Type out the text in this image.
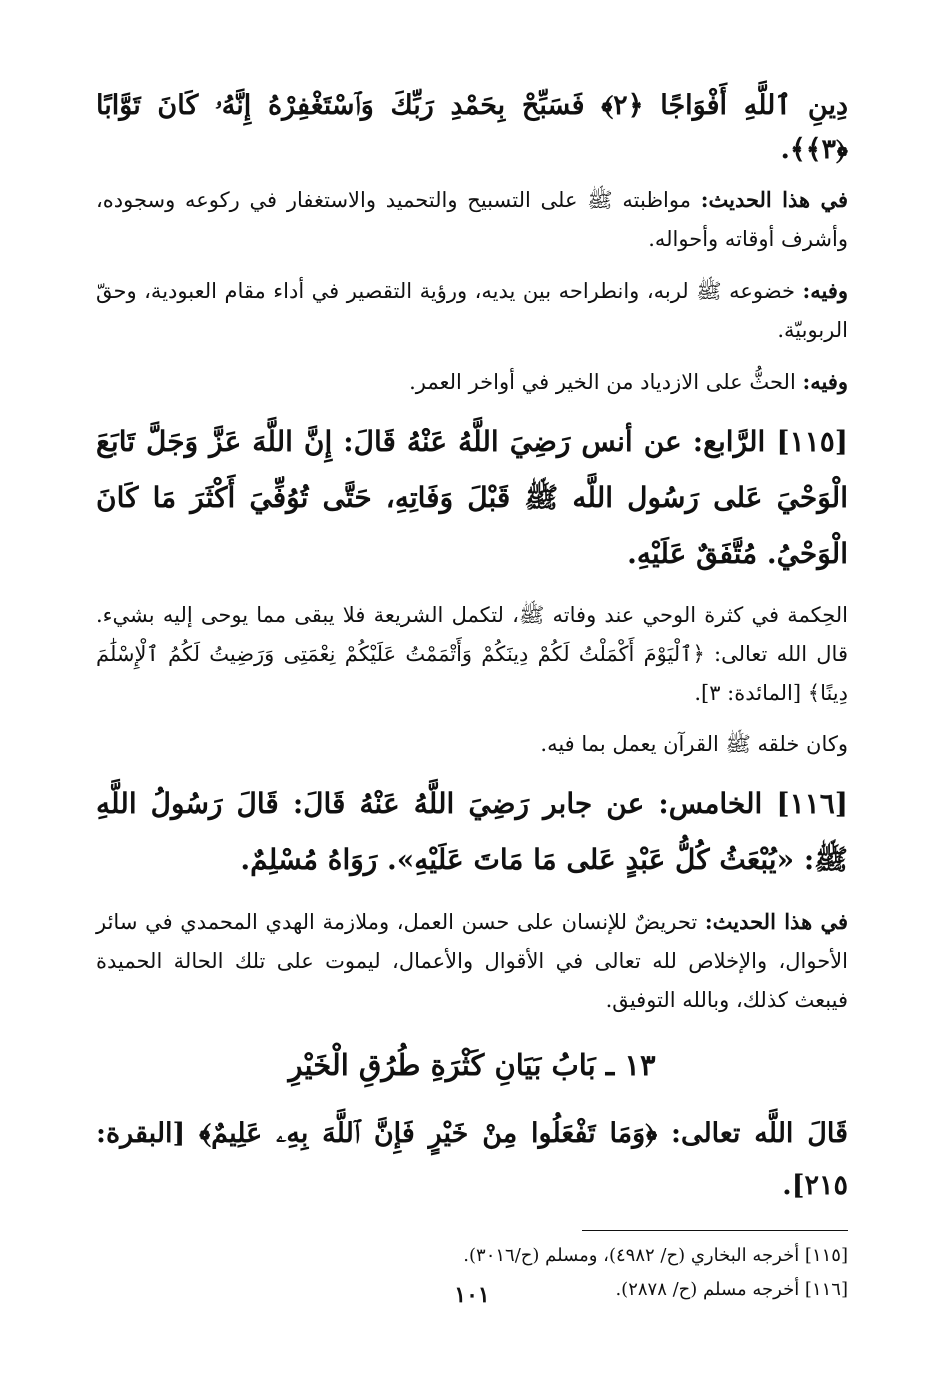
دِينِ ٱللَّهِ أَفْوَاجًا ﴿٢﴾ فَسَبِّحْ بِحَمْدِ رَبِّكَ وَٱسْتَغْفِرْهُ إِنَّهُۥ كَانَ تَوَّابًا ﴿٣﴾﴾.

في هذا الحديث: مواظبته ﷺ على التسبيح والتحميد والاستغفار في ركوعه وسجوده، وأشرف أوقاته وأحواله.

وفيه: خضوعه ﷺ لربه، وانطراحه بين يديه، ورؤية التقصير في أداء مقام العبودية، وحقّ الربوبيّة.

وفيه: الحثُّ على الازدياد من الخير في أواخر العمر.

[١١٥] الرَّابع: عن أنس رَضِيَ اللَّهُ عَنْهُ قَالَ: إِنَّ اللَّهَ عَزَّ وَجَلَّ تَابَعَ الْوَحْيَ عَلى رَسُول اللَّه ﷺ قَبْلَ وَفَاتِهِ، حَتَّى تُوُفِّيَ أَكْثَرَ مَا كَانَ الْوَحْيُ. مُتَّفَقٌ عَلَيْهِ.

الحِكمة في كثرة الوحي عند وفاته ﷺ، لتكمل الشريعة فلا يبقى مما يوحى إليه بشيء. قال الله تعالى: ﴿ٱلْيَوْمَ أَكْمَلْتُ لَكُمْ دِينَكُمْ وَأَتْمَمْتُ عَلَيْكُمْ نِعْمَتِى وَرَضِيتُ لَكُمُ ٱلْإِسْلَٰمَ دِينًا﴾ [المائدة: ٣].

وكان خلقه ﷺ القرآن يعمل بما فيه.

[١١٦] الخامس: عن جابر رَضِيَ اللَّهُ عَنْهُ قَالَ: قَالَ رَسُولُ اللَّهِ ﷺ: «يُبْعَثُ كُلُّ عَبْدٍ عَلى مَا مَاتَ عَلَيْهِ». رَوَاهُ مُسْلِمٌ.

في هذا الحديث: تحريضٌ للإنسان على حسن العمل، وملازمة الهدي المحمدي في سائر الأحوال، والإخلاص لله تعالى في الأقوال والأعمال، ليموت على تلك الحالة الحميدة فيبعث كذلك، وبالله التوفيق.

١٣ ـ بَابُ بَيَانِ كَثْرَةِ طُرُقِ الْخَيْرِ

قَالَ اللَّه تعالى: ﴿وَمَا تَفْعَلُوا مِنْ خَيْرٍ فَإِنَّ ٱللَّهَ بِهِۦ عَلِيمٌ﴾ [البقرة: ٢١٥].

[١١٥] أخرجه البخاري (ح/ ٤٩٨٢)، ومسلم (ح/٣٠١٦).

[١١٦] أخرجه مسلم (ح/ ٢٨٧٨).

١٠١
